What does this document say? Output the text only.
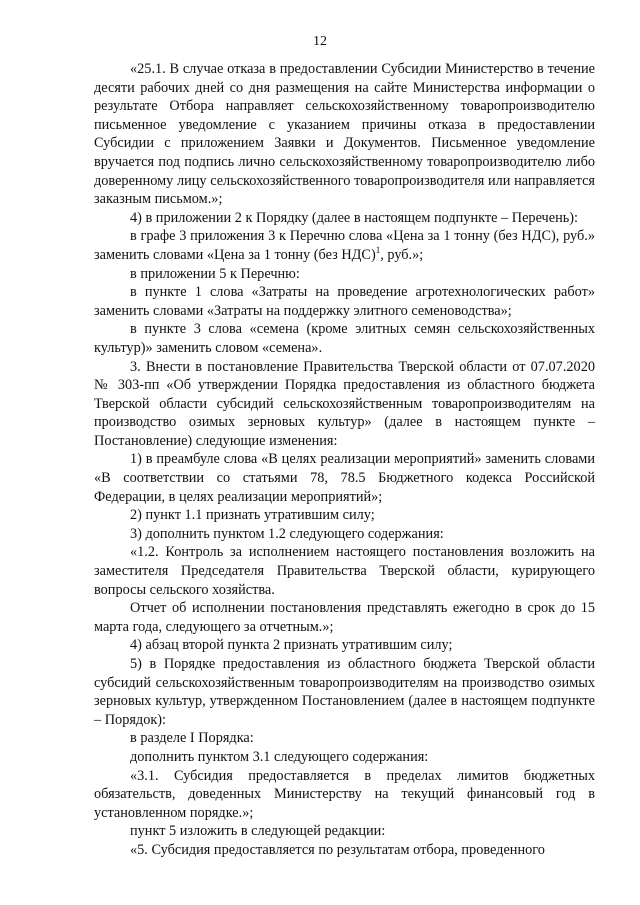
12

«25.1. В случае отказа в предоставлении Субсидии Министерство в течение десяти рабочих дней со дня размещения на сайте Министерства информации о результате Отбора направляет сельскохозяйственному товаропроизводителю письменное уведомление с указанием причины отказа в предоставлении Субсидии с приложением Заявки и Документов. Письменное уведомление вручается под подпись лично сельскохозяйственному товаропроизводителю либо доверенному лицу сельскохозяйственного товаропроизводителя или направляется заказным письмом.»;

4) в приложении 2 к Порядку (далее в настоящем подпункте – Перечень):

в графе 3 приложения 3 к Перечню слова «Цена за 1 тонну (без НДС), руб.» заменить словами «Цена за 1 тонну (без НДС)$^1$, руб.»;

в приложении 5 к Перечню:

в пункте 1 слова «Затраты на проведение агротехнологических работ» заменить словами «Затраты на поддержку элитного семеноводства»;

в пункте 3 слова «семена (кроме элитных семян сельскохозяйственных культур)» заменить словом «семена».

3. Внести в постановление Правительства Тверской области от 07.07.2020 № 303-пп «Об утверждении Порядка предоставления из областного бюджета Тверской области субсидий сельскохозяйственным товаропроизводителям на производство озимых зерновых культур» (далее в настоящем пункте – Постановление) следующие изменения:

1) в преамбуле слова «В целях реализации мероприятий» заменить словами «В соответствии со статьями 78, 78.5 Бюджетного кодекса Российской Федерации, в целях реализации мероприятий»;

2) пункт 1.1 признать утратившим силу;

3) дополнить пунктом 1.2 следующего содержания:

«1.2. Контроль за исполнением настоящего постановления возложить на заместителя Председателя Правительства Тверской области, курирующего вопросы сельского хозяйства.

Отчет об исполнении постановления представлять ежегодно в срок до 15 марта года, следующего за отчетным.»;

4) абзац второй пункта 2 признать утратившим силу;

5) в Порядке предоставления из областного бюджета Тверской области субсидий сельскохозяйственным товаропроизводителям на производство озимых зерновых культур, утвержденном Постановлением (далее в настоящем подпункте – Порядок):

в разделе I Порядка:

дополнить пунктом 3.1 следующего содержания:

«3.1. Субсидия предоставляется в пределах лимитов бюджетных обязательств, доведенных Министерству на текущий финансовый год в установленном порядке.»;

пункт 5 изложить в следующей редакции:

«5. Субсидия предоставляется по результатам отбора, проведенного
